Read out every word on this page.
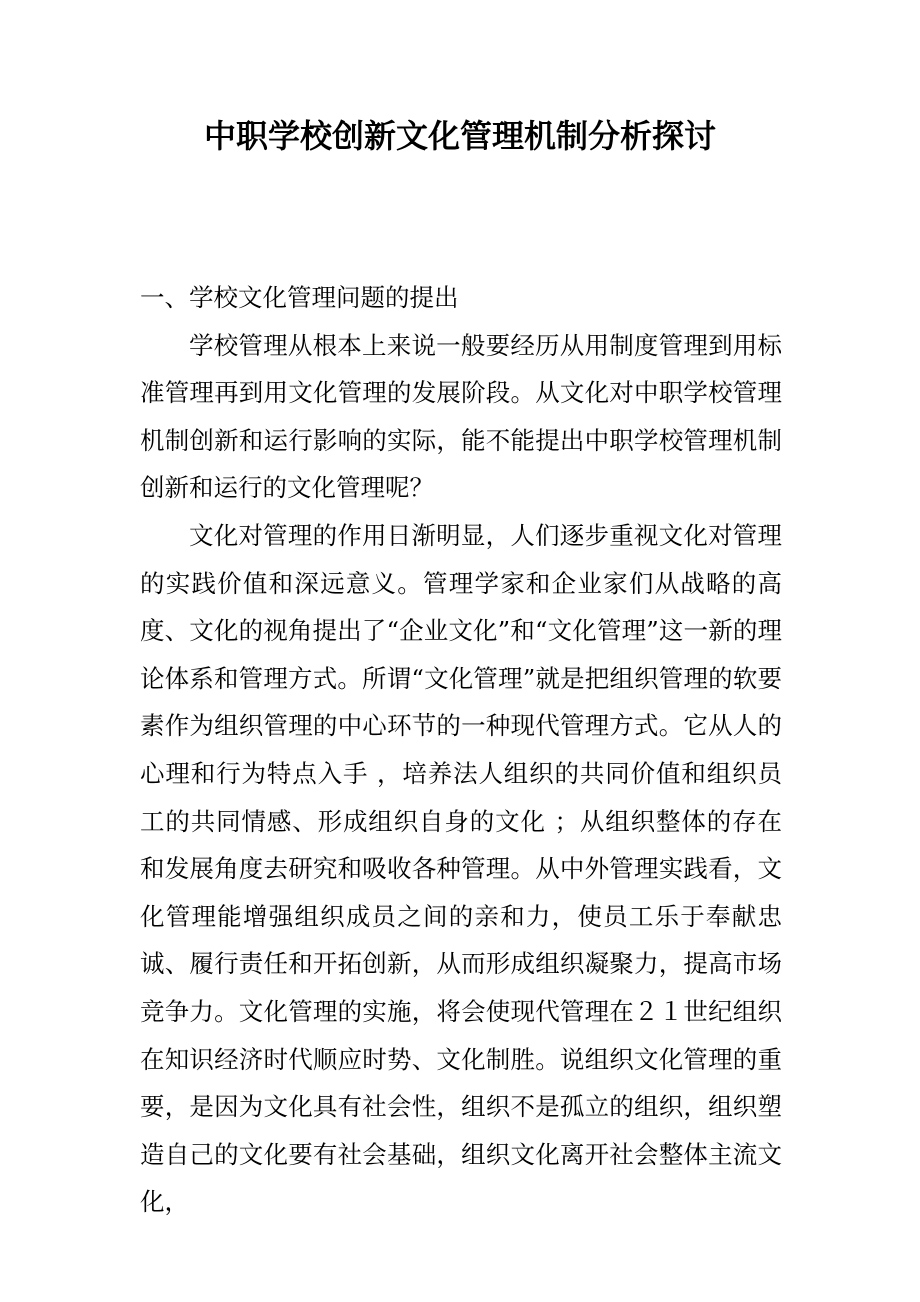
中职学校创新文化管理机制分析探讨

一、学校文化管理问题的提出

学校管理从根本上来说一般要经历从用制度管理到用标准管理再到用文化管理的发展阶段。从文化对中职学校管理机制创新和运行影响的实际，能不能提出中职学校管理机制创新和运行的文化管理呢？

文化对管理的作用日渐明显，人们逐步重视文化对管理的实践价值和深远意义。管理学家和企业家们从战略的高度、文化的视角提出了“企业文化”和“文化管理”这一新的理论体系和管理方式。所谓“文化管理”就是把组织管理的软要素作为组织管理的中心环节的一种现代管理方式。它从人的心理和行为特点入手 ，培养法人组织的共同价值和组织员工的共同情感、形成组织自身的文化 ；从组织整体的存在和发展角度去研究和吸收各种管理。从中外管理实践看，文化管理能增强组织成员之间的亲和力，使员工乐于奉献忠诚、履行责任和开拓创新，从而形成组织凝聚力，提高市场竞争力。文化管理的实施，将会使现代管理在２１世纪组织在知识经济时代顺应时势、文化制胜。说组织文化管理的重要，是因为文化具有社会性，组织不是孤立的组织，组织塑造自己的文化要有社会基础，组织文化离开社会整体主流文化，
